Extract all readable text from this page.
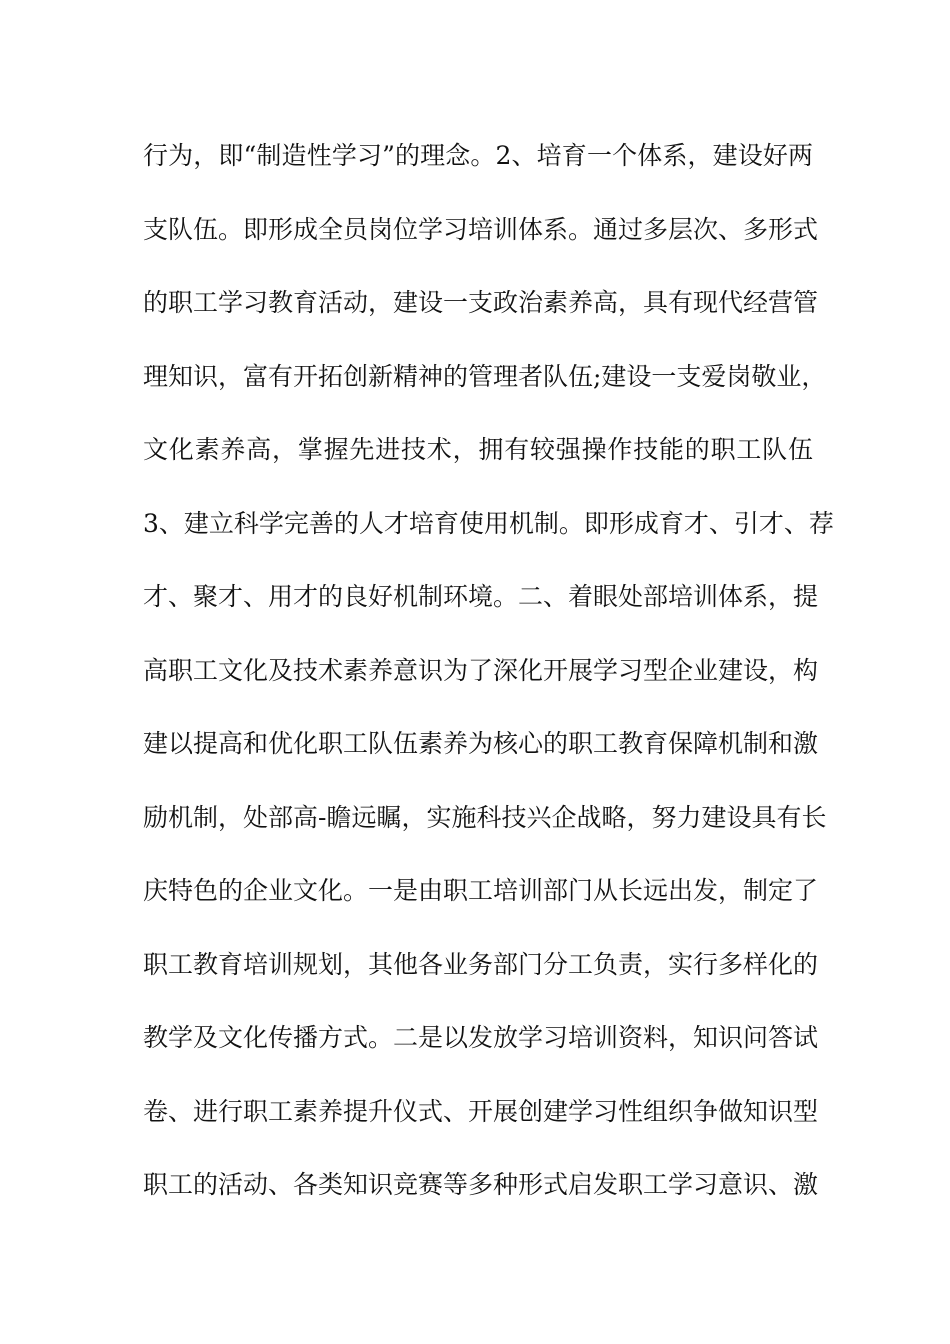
行为，即“制造性学习”的理念。2、培育一个体系，建设好两
支队伍。即形成全员岗位学习培训体系。通过多层次、多形式
的职工学习教育活动，建设一支政治素养高，具有现代经营管
理知识，富有开拓创新精神的管理者队伍;建设一支爱岗敬业，
文化素养高，掌握先进技术，拥有较强操作技能的职工队伍
3、建立科学完善的人才培育使用机制。即形成育才、引才、荐
才、聚才、用才的良好机制环境。二、着眼处部培训体系，提
高职工文化及技术素养意识为了深化开展学习型企业建设，构
建以提高和优化职工队伍素养为核心的职工教育保障机制和激
励机制，处部高-瞻远瞩，实施科技兴企战略，努力建设具有长
庆特色的企业文化。一是由职工培训部门从长远出发，制定了
职工教育培训规划，其他各业务部门分工负责，实行多样化的
教学及文化传播方式。二是以发放学习培训资料，知识问答试
卷、进行职工素养提升仪式、开展创建学习性组织争做知识型
职工的活动、各类知识竞赛等多种形式启发职工学习意识、激
